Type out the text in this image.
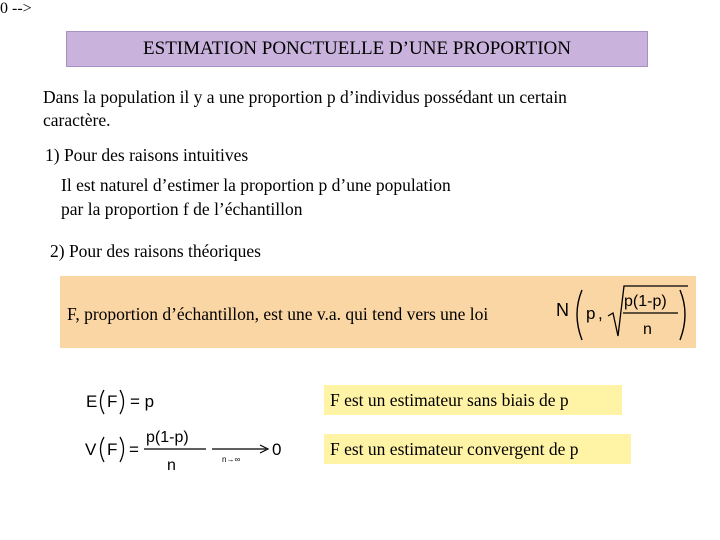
ESTIMATION PONCTUELLE D’UNE PROPORTION
Dans la population il y a une proportion p d’individus possédant un certain
caractère.
1) Pour des raisons intuitives
Il est naturel d’estimer la proportion p d’une population
par la proportion f de l’échantillon
2) Pour des raisons théoriques
F, proportion d’échantillon, est une v.a. qui tend vers une loi	N p ,
p(1-p)
n
E F = p
0 -->
V F =
p(1-p)
n	n→∞
0
F est un estimateur sans biais de p
F est un estimateur convergent de p
